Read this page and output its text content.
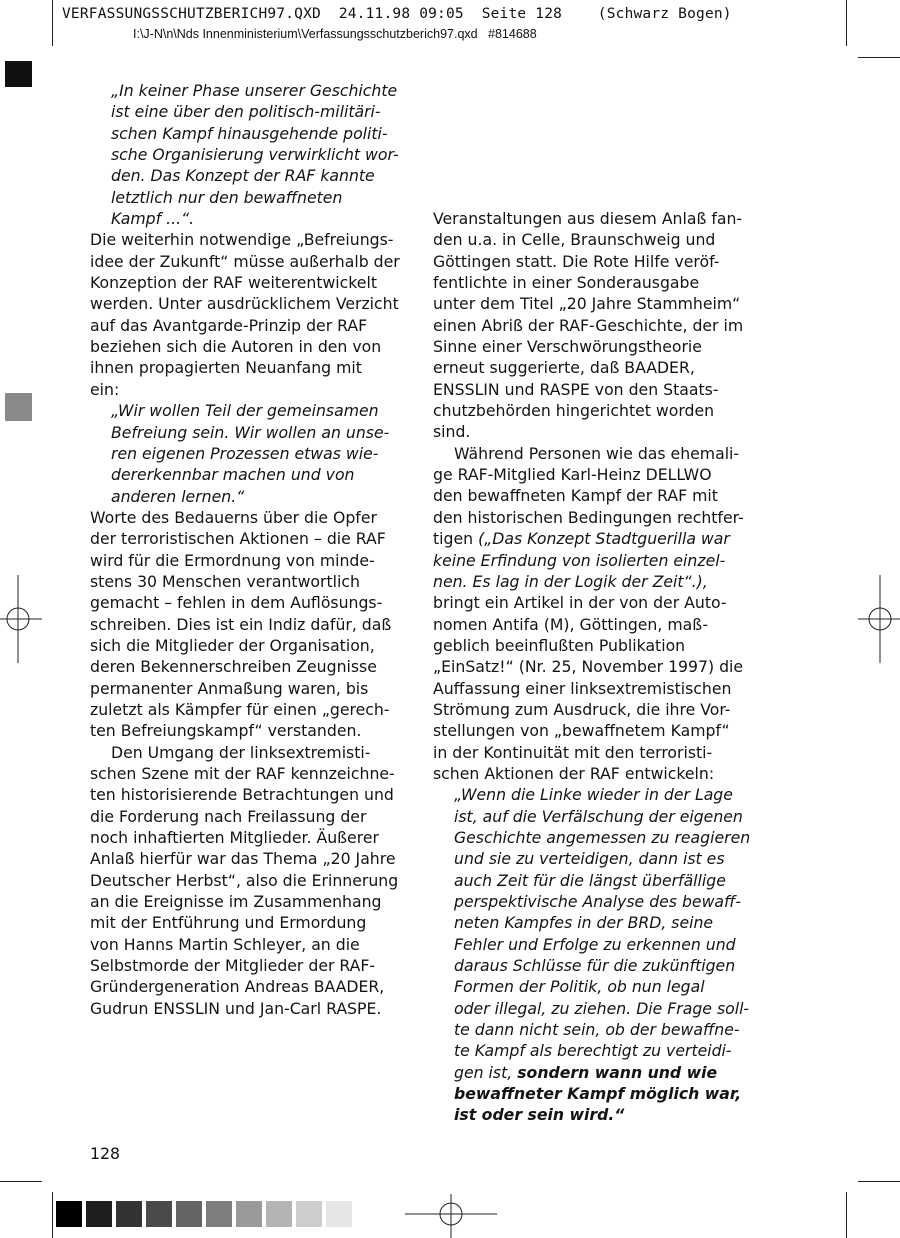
VERFASSUNGSSCHUTZBERICH97.QXD  24.11.98 09:05  Seite 128    (Schwarz Bogen)
I:\J-N\n\Nds Innenministerium\Verfassungsschutzberich97.qxd   #814688
„In keiner Phase unserer Geschichte
ist eine über den politisch-militäri-
schen Kampf hinausgehende politi-
sche Organisierung verwirklicht wor-
den. Das Konzept der RAF kannte
letztlich nur den bewaffneten
Kampf ...“.
Die weiterhin notwendige „Befreiungs-
idee der Zukunft“ müsse außerhalb der
Konzeption der RAF weiterentwickelt
werden. Unter ausdrücklichem Verzicht
auf das Avantgarde-Prinzip der RAF
beziehen sich die Autoren in den von
ihnen propagierten Neuanfang mit
ein:
„Wir wollen Teil der gemeinsamen
Befreiung sein. Wir wollen an unse-
ren eigenen Prozessen etwas wie-
dererkennbar machen und von
anderen lernen.“
Worte des Bedauerns über die Opfer
der terroristischen Aktionen – die RAF
wird für die Ermordnung von minde-
stens 30 Menschen verantwortlich
gemacht – fehlen in dem Auflösungs-
schreiben. Dies ist ein Indiz dafür, daß
sich die Mitglieder der Organisation,
deren Bekennerschreiben Zeugnisse
permanenter Anmaßung waren, bis
zuletzt als Kämpfer für einen „gerech-
ten Befreiungskampf“ verstanden.
Den Umgang der linksextremisti-
schen Szene mit der RAF kennzeichne-
ten historisierende Betrachtungen und
die Forderung nach Freilassung der
noch inhaftierten Mitglieder. Äußerer
Anlaß hierfür war das Thema „20 Jahre
Deutscher Herbst“, also die Erinnerung
an die Ereignisse im Zusammenhang
mit der Entführung und Ermordung
von Hanns Martin Schleyer, an die
Selbstmorde der Mitglieder der RAF-
Gründergeneration Andreas BAADER,
Gudrun ENSSLIN und Jan-Carl RASPE.
Veranstaltungen aus diesem Anlaß fan-
den u.a. in Celle, Braunschweig und
Göttingen statt. Die Rote Hilfe veröf-
fentlichte in einer Sonderausgabe
unter dem Titel „20 Jahre Stammheim“
einen Abriß der RAF-Geschichte, der im
Sinne einer Verschwörungstheorie
erneut suggerierte, daß BAADER,
ENSSLIN und RASPE von den Staats-
chutzbehörden hingerichtet worden
sind.
Während Personen wie das ehemali-
ge RAF-Mitglied Karl-Heinz DELLWO
den bewaffneten Kampf der RAF mit
den historischen Bedingungen rechtfer-
tigen („Das Konzept Stadtguerilla war
keine Erfindung von isolierten einzel-
nen. Es lag in der Logik der Zeit“.),
bringt ein Artikel in der von der Auto-
nomen Antifa (M), Göttingen, maß-
geblich beeinflußten Publikation
„EinSatz!“ (Nr. 25, November 1997) die
Auffassung einer linksextremistischen
Strömung zum Ausdruck, die ihre Vor-
stellungen von „bewaffnetem Kampf“
in der Kontinuität mit den terroristi-
schen Aktionen der RAF entwickeln:
„Wenn die Linke wieder in der Lage
ist, auf die Verfälschung der eigenen
Geschichte angemessen zu reagieren
und sie zu verteidigen, dann ist es
auch Zeit für die längst überfällige
perspektivische Analyse des bewaff-
neten Kampfes in der BRD, seine
Fehler und Erfolge zu erkennen und
daraus Schlüsse für die zukünftigen
Formen der Politik, ob nun legal
oder illegal, zu ziehen. Die Frage soll-
te dann nicht sein, ob der bewaffne-
te Kampf als berechtigt zu verteidi-
gen ist, sondern wann und wie
bewaffneter Kampf möglich war,
ist oder sein wird.“
128
